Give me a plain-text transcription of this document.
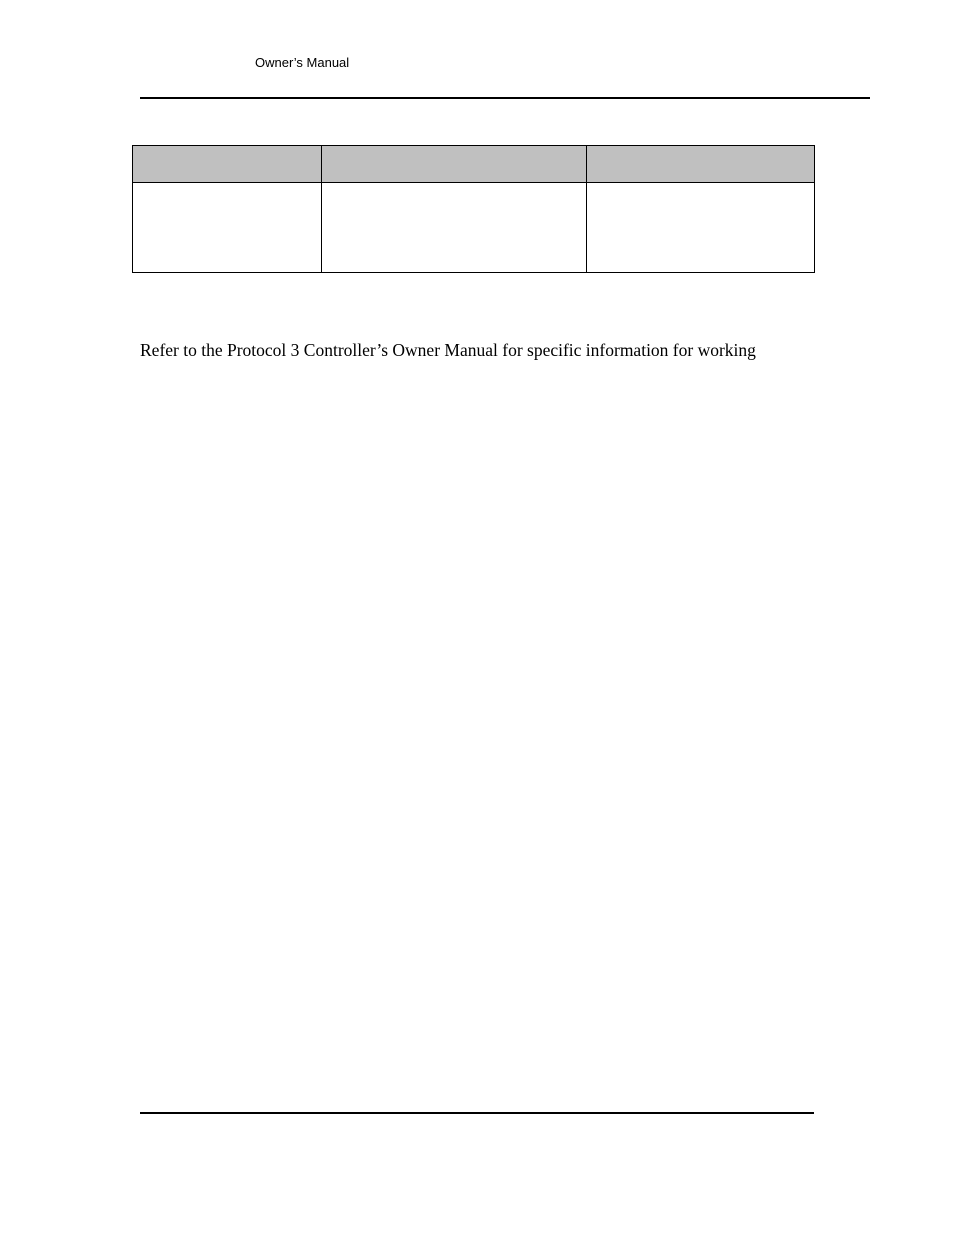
Owner’s Manual

Refer to the Protocol 3 Controller’s Owner Manual for specific information for working
